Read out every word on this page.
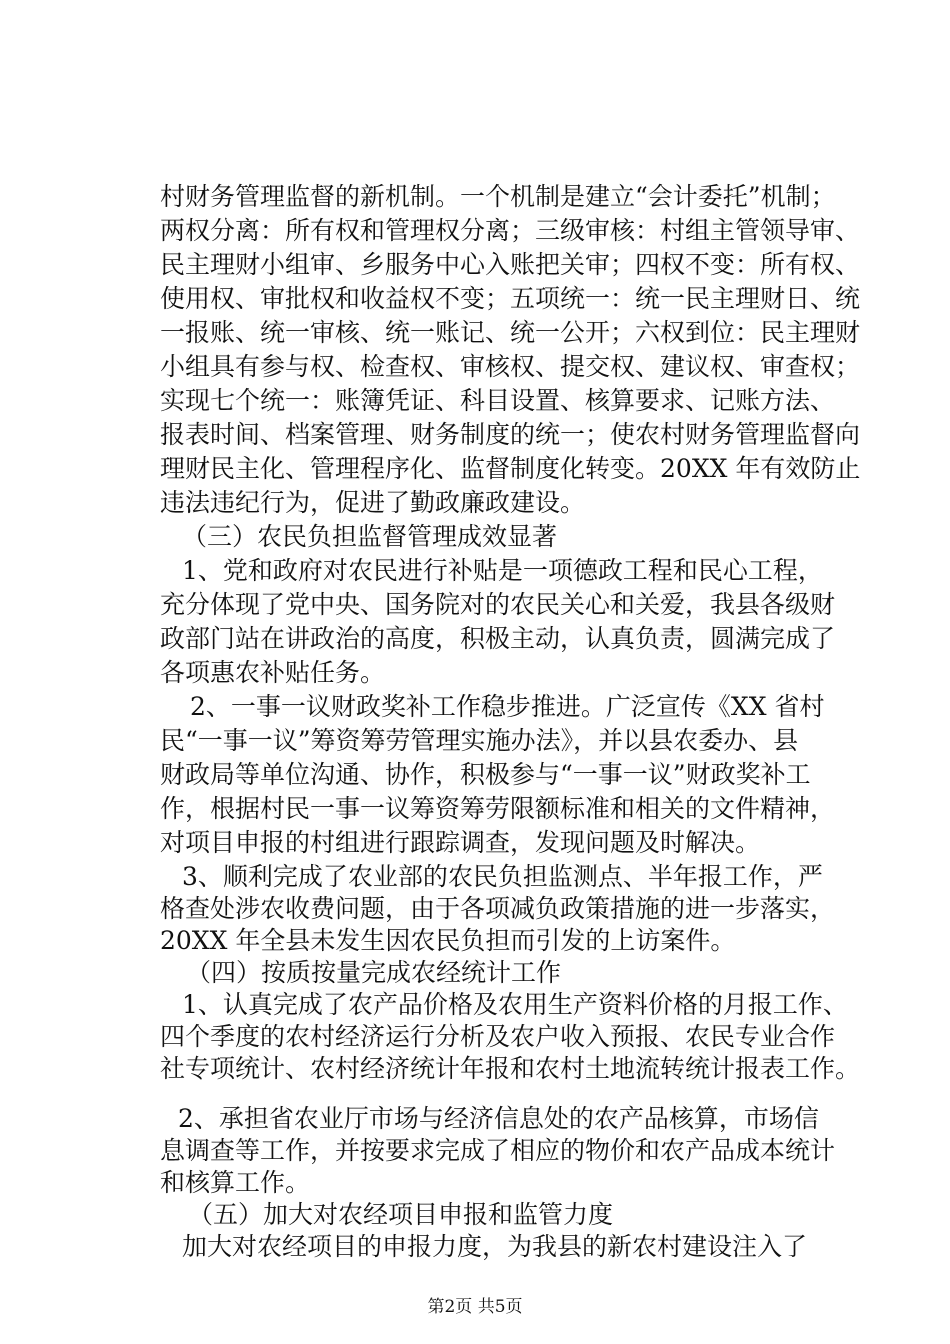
村财务管理监督的新机制。一个机制是建立“会计委托”机制；
两权分离：所有权和管理权分离；三级审核：村组主管领导审、
民主理财小组审、乡服务中心入账把关审；四权不变：所有权、
使用权、审批权和收益权不变；五项统一：统一民主理财日、统
一报账、统一审核、统一账记、统一公开；六权到位：民主理财
小组具有参与权、检查权、审核权、提交权、建议权、审查权；
实现七个统一：账簿凭证、科目设置、核算要求、记账方法、
报表时间、档案管理、财务制度的统一；使农村财务管理监督向
理财民主化、管理程序化、监督制度化转变。20XX 年有效防止
违法违纪行为，促进了勤政廉政建设。
（三）农民负担监督管理成效显著
1、党和政府对农民进行补贴是一项德政工程和民心工程，
充分体现了党中央、国务院对的农民关心和关爱，我县各级财
政部门站在讲政治的高度，积极主动，认真负责，圆满完成了
各项惠农补贴任务。
2、一事一议财政奖补工作稳步推进。广泛宣传《XX 省村
民“一事一议”筹资筹劳管理实施办法》，并以县农委办、县
财政局等单位沟通、协作，积极参与“一事一议”财政奖补工
作，根据村民一事一议筹资筹劳限额标准和相关的文件精神，
对项目申报的村组进行跟踪调查，发现问题及时解决。
3、顺利完成了农业部的农民负担监测点、半年报工作，严
格查处涉农收费问题，由于各项减负政策措施的进一步落实，
20XX 年全县未发生因农民负担而引发的上访案件。
（四）按质按量完成农经统计工作
1、认真完成了农产品价格及农用生产资料价格的月报工作、
四个季度的农村经济运行分析及农户收入预报、农民专业合作
社专项统计、农村经济统计年报和农村土地流转统计报表工作。
2、承担省农业厅市场与经济信息处的农产品核算，市场信
息调查等工作，并按要求完成了相应的物价和农产品成本统计
和核算工作。
（五）加大对农经项目申报和监管力度
加大对农经项目的申报力度，为我县的新农村建设注入了
第2页 共5页
